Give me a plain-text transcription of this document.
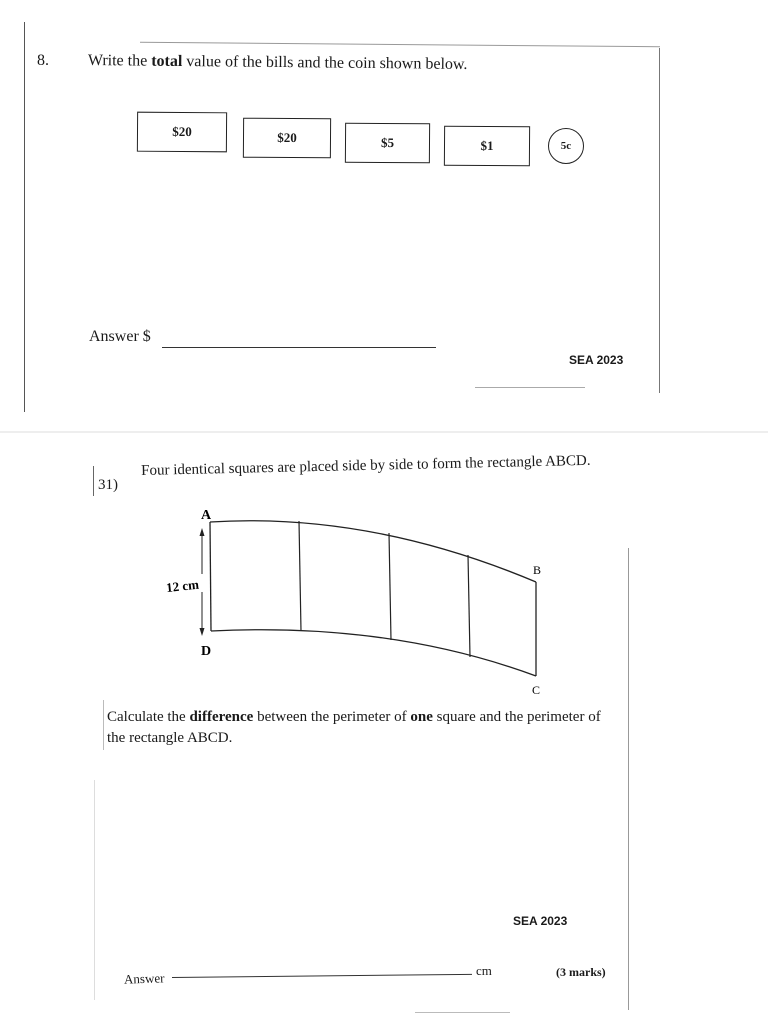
8. Write the total value of the bills and the coin shown below.
$20	$20	$5	$1	5c
Answer $
SEA 2023
31)
Four identical squares are placed side by side to form the rectangle ABCD.
A
B
C
D
12 cm
Calculate the difference between the perimeter of one square and the perimeter of the rectangle ABCD.
SEA 2023
Answer	cm	(3 marks)
